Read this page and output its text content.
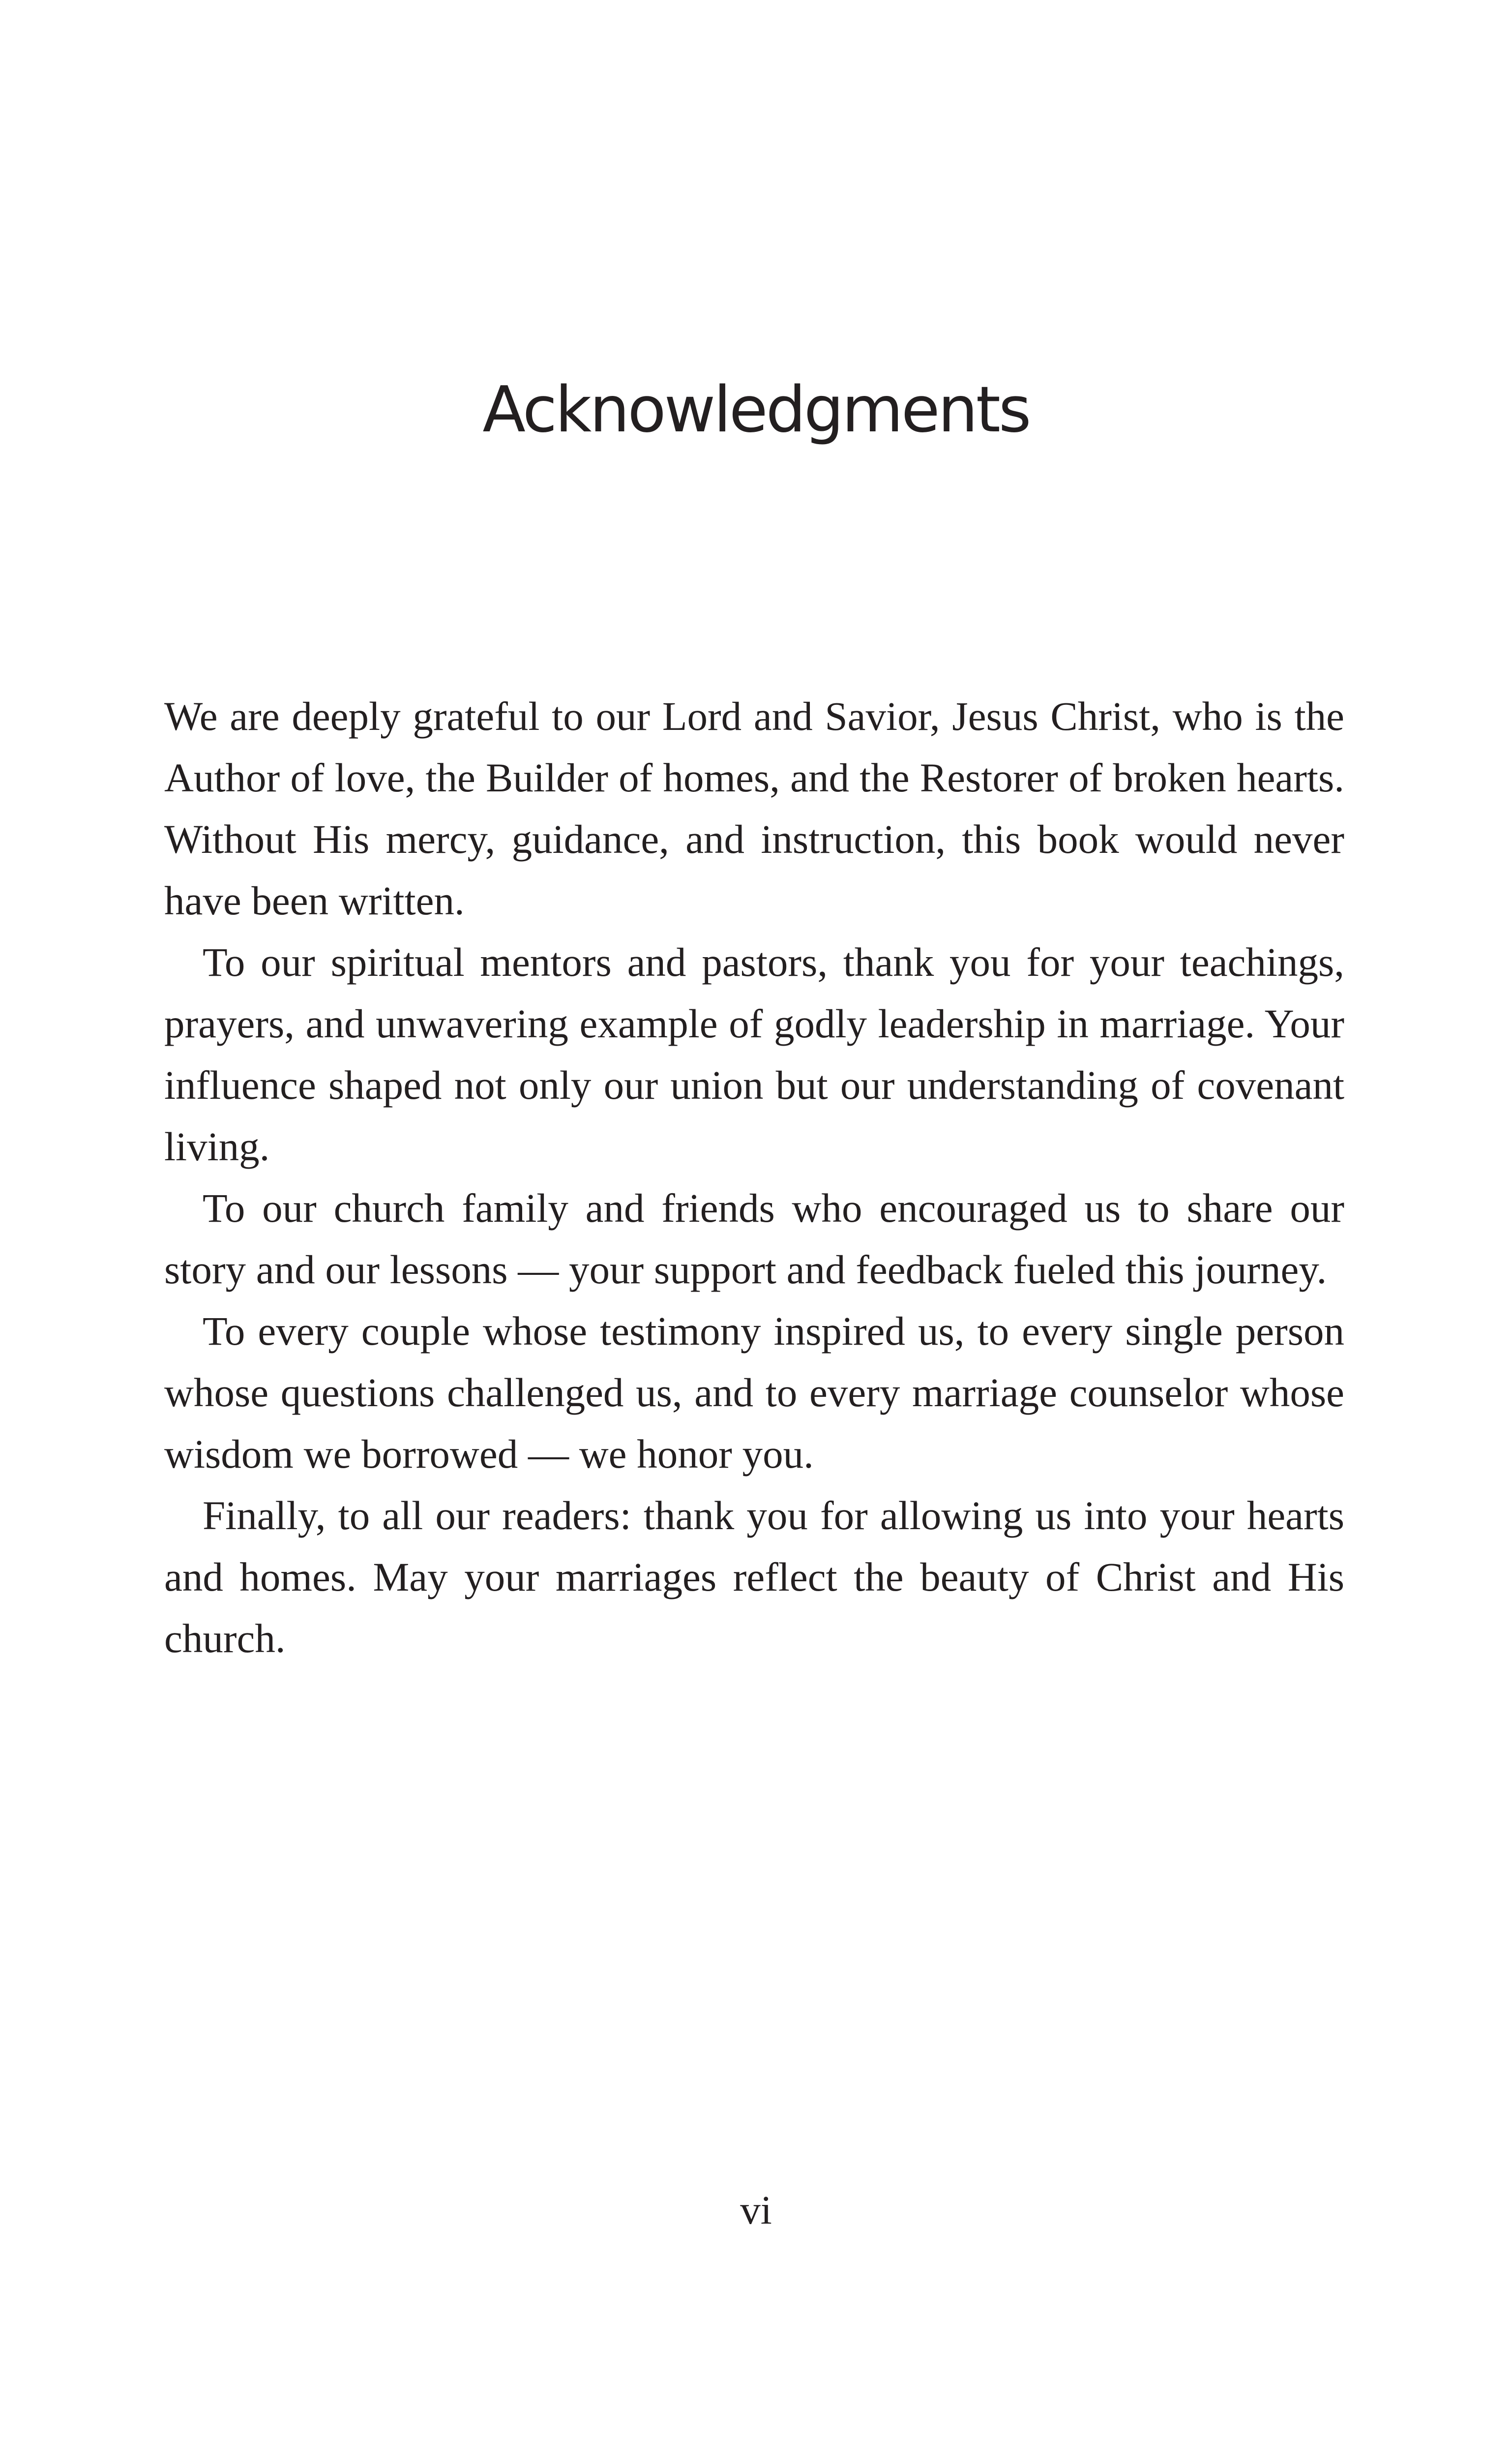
Acknowledgments

We are deeply grateful to our Lord and Savior, Jesus Christ, who is the Author of love, the Builder of homes, and the Restorer of broken hearts. Without His mercy, guidance, and instruction, this book would never have been written.

To our spiritual mentors and pastors, thank you for your teachings, prayers, and unwavering example of godly leadership in marriage. Your influence shaped not only our union but our understanding of covenant living.

To our church family and friends who encouraged us to share our story and our lessons — your support and feedback fueled this journey.

To every couple whose testimony inspired us, to every single person whose questions challenged us, and to every marriage counselor whose wisdom we borrowed — we honor you.

Finally, to all our readers: thank you for allowing us into your hearts and homes. May your marriages reflect the beauty of Christ and His church.

vi
